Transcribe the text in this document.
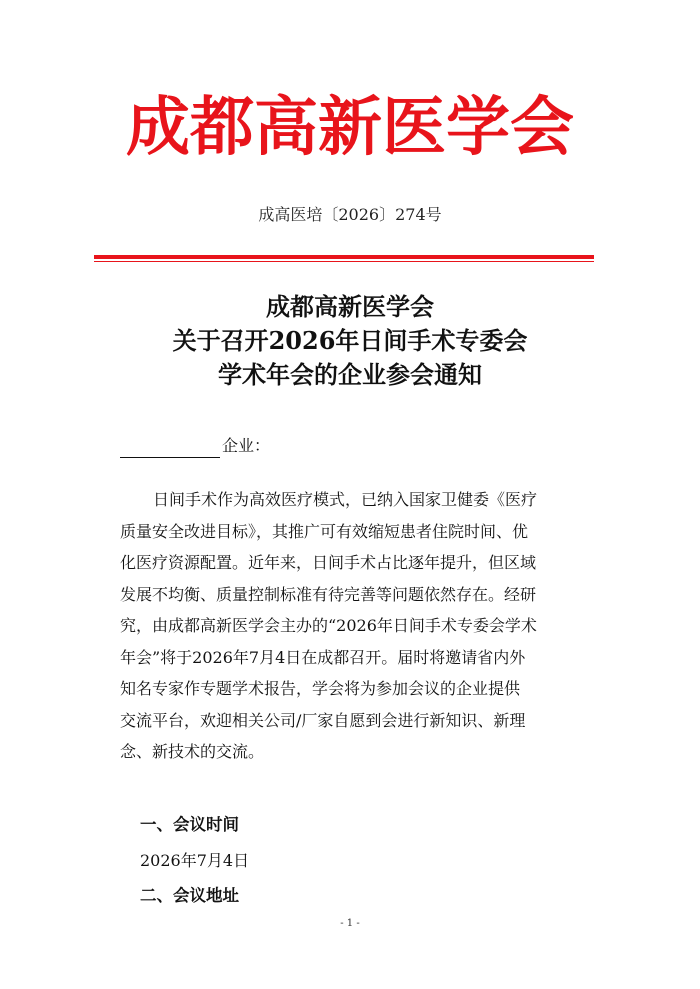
成都高新医学会
成高医培〔2026〕274号
成都高新医学会
关于召开2026年日间手术专委会
学术年会的企业参会通知
企业：
日间手术作为高效医疗模式，已纳入国家卫健委《医疗
质量安全改进目标》，其推广可有效缩短患者住院时间、优
化医疗资源配置。近年来，日间手术占比逐年提升，但区域
发展不均衡、质量控制标准有待完善等问题依然存在。经研
究，由成都高新医学会主办的“2026年日间手术专委会学术
年会”将于2026年7月4日在成都召开。届时将邀请省内外
知名专家作专题学术报告，学会将为参加会议的企业提供
交流平台，欢迎相关公司/厂家自愿到会进行新知识、新理
念、新技术的交流。
一、会议时间
2026年7月4日
二、会议地址
- 1 -
